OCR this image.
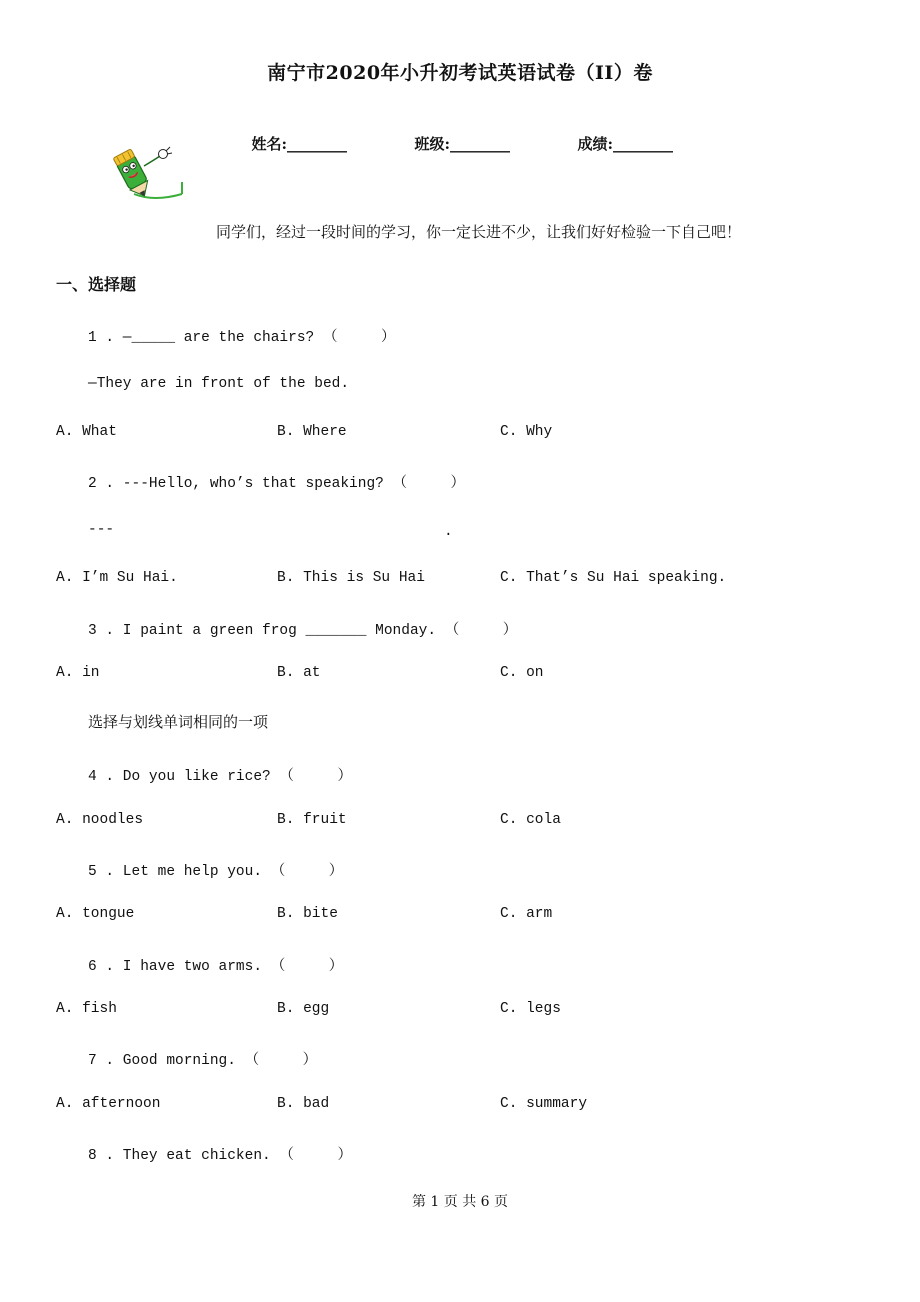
南宁市2020年小升初考试英语试卷（II）卷

姓名:________	班级:________	成绩:________

同学们，经过一段时间的学习，你一定长进不少，让我们好好检验一下自己吧！
一、选择题
1 . —_____ are the chairs? （     ）
—They are in front of the bed.
A. What	B. Where	C. Why
2 . ---Hello, who’s that speaking? （     ）
---	.
A. I’m Su Hai.	B. This is Su Hai	C. That’s Su Hai speaking.
3 . I paint a green frog _______ Monday. （     ）
A. in	B. at	C. on
选择与划线单词相同的一项
4 . Do you like rice? （     ）
A. noodles	B. fruit	C. cola
5 . Let me help you. （     ）
A. tongue	B. bite	C. arm
6 . I have two arms. （     ）
A. fish	B. egg	C. legs
7 . Good morning. （     ）
A. afternoon	B. bad	C. summary
8 . They eat chicken. （     ）
第 1 页 共 6 页
